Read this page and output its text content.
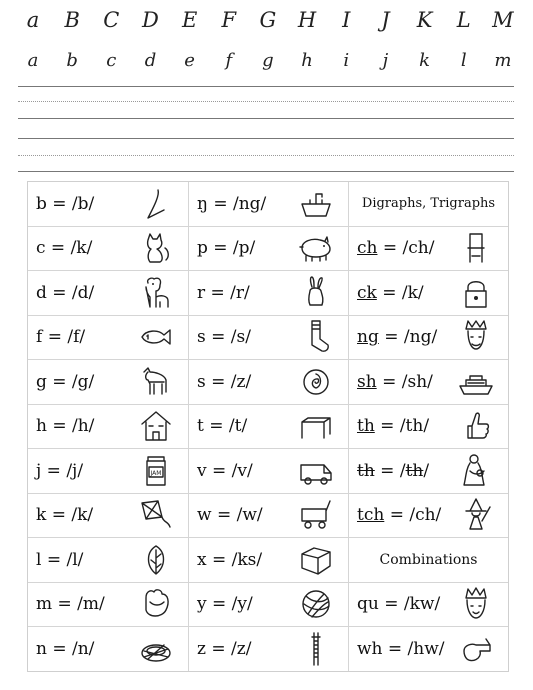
a	B	C	D	E	F	G	H	I	J	K	L	M
a	b	c	d	e	f	g	h	i	j	k	l	m
b = /b/	ŋ = /ng/	Digraphs, Trigraphs
c = /k/	p = /p/	ch = /ch/
d = /d/	r = /r/	ck = /k/
f = /f/	s = /s/	ng = /ng/
g = /g/	s = /z/	sh = /sh/
h = /h/	t = /t/	th = /th/
j = /j/	JAM v = /v/	th = /th/
k = /k/	w = /w/	tch = /ch/
l = /l/	x = /ks/	Combinations
m = /m/	y = /y/	qu = /kw/
n = /n/	z = /z/	wh = /hw/
